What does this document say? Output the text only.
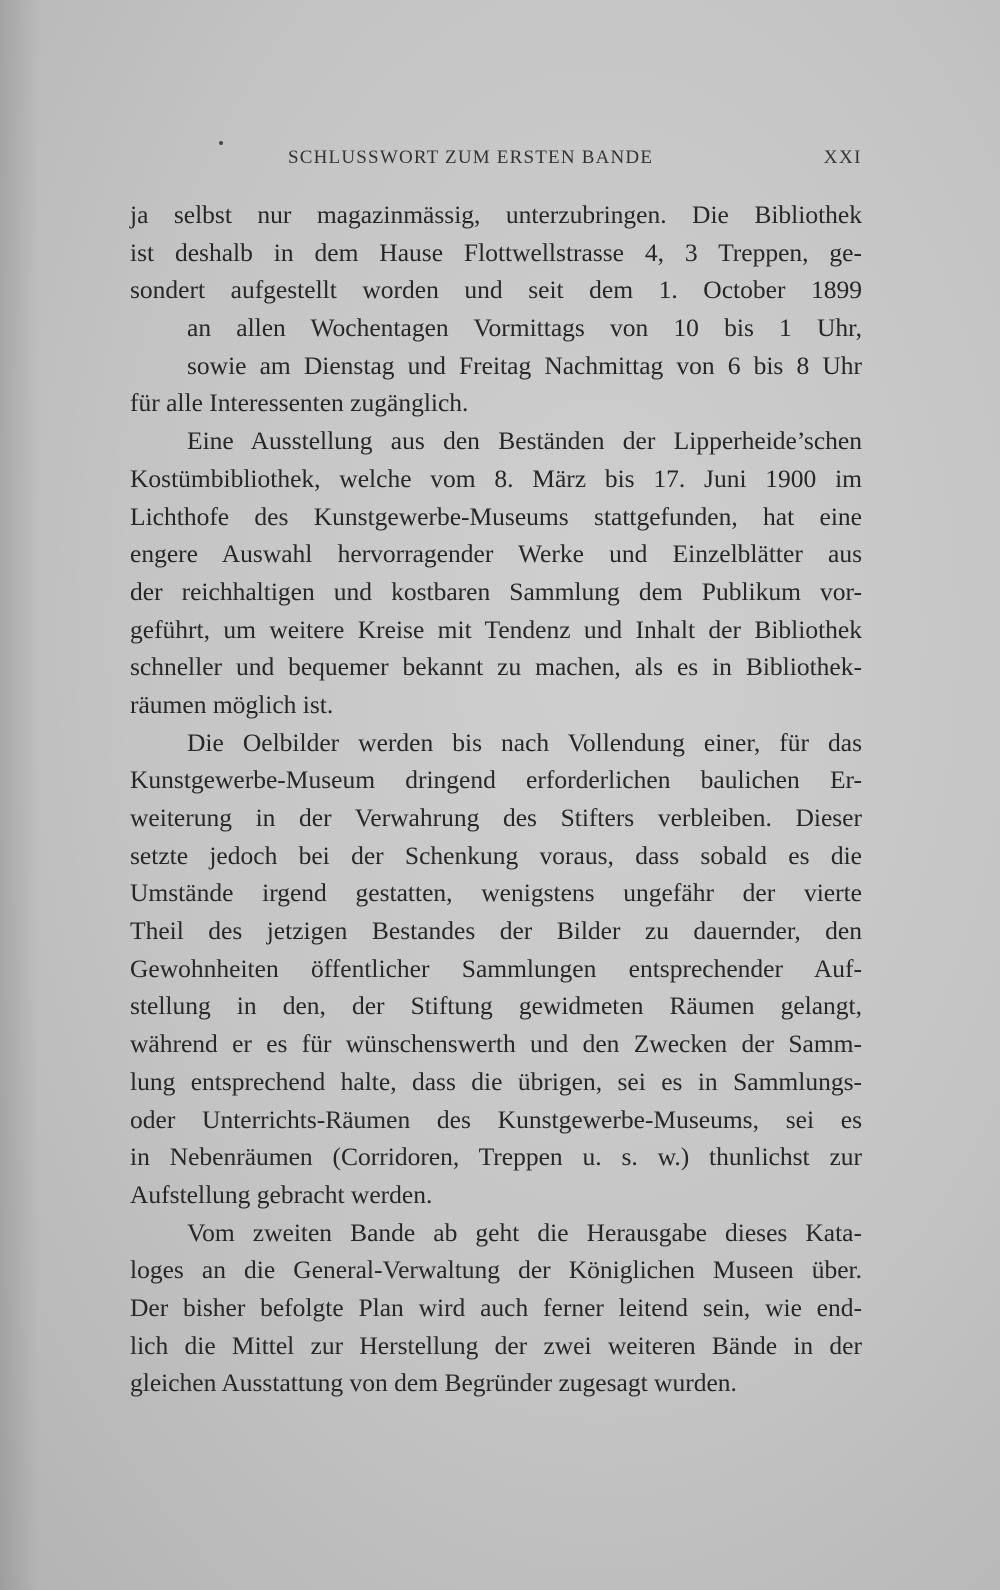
SCHLUSSWORT ZUM ERSTEN BANDE	XXI
ja selbst nur magazinmässig, unterzubringen. Die Bibliothek
ist deshalb in dem Hause Flottwellstrasse 4, 3 Treppen, ge-
sondert aufgestellt worden und seit dem 1. October 1899
an allen Wochentagen Vormittags von 10 bis 1 Uhr,
sowie am Dienstag und Freitag Nachmittag von 6 bis 8 Uhr
für alle Interessenten zugänglich.
Eine Ausstellung aus den Beständen der Lipperheide’schen
Kostümbibliothek, welche vom 8. März bis 17. Juni 1900 im
Lichthofe des Kunstgewerbe-Museums stattgefunden, hat eine
engere Auswahl hervorragender Werke und Einzelblätter aus
der reichhaltigen und kostbaren Sammlung dem Publikum vor-
geführt, um weitere Kreise mit Tendenz und Inhalt der Bibliothek
schneller und bequemer bekannt zu machen, als es in Bibliothek-
räumen möglich ist.
Die Oelbilder werden bis nach Vollendung einer, für das
Kunstgewerbe-Museum dringend erforderlichen baulichen Er-
weiterung in der Verwahrung des Stifters verbleiben. Dieser
setzte jedoch bei der Schenkung voraus, dass sobald es die
Umstände irgend gestatten, wenigstens ungefähr der vierte
Theil des jetzigen Bestandes der Bilder zu dauernder, den
Gewohnheiten öffentlicher Sammlungen entsprechender Auf-
stellung in den, der Stiftung gewidmeten Räumen gelangt,
während er es für wünschenswerth und den Zwecken der Samm-
lung entsprechend halte, dass die übrigen, sei es in Sammlungs-
oder Unterrichts-Räumen des Kunstgewerbe-Museums, sei es
in Nebenräumen (Corridoren, Treppen u. s. w.) thunlichst zur
Aufstellung gebracht werden.
Vom zweiten Bande ab geht die Herausgabe dieses Kata-
loges an die General-Verwaltung der Königlichen Museen über.
Der bisher befolgte Plan wird auch ferner leitend sein, wie end-
lich die Mittel zur Herstellung der zwei weiteren Bände in der
gleichen Ausstattung von dem Begründer zugesagt wurden.
